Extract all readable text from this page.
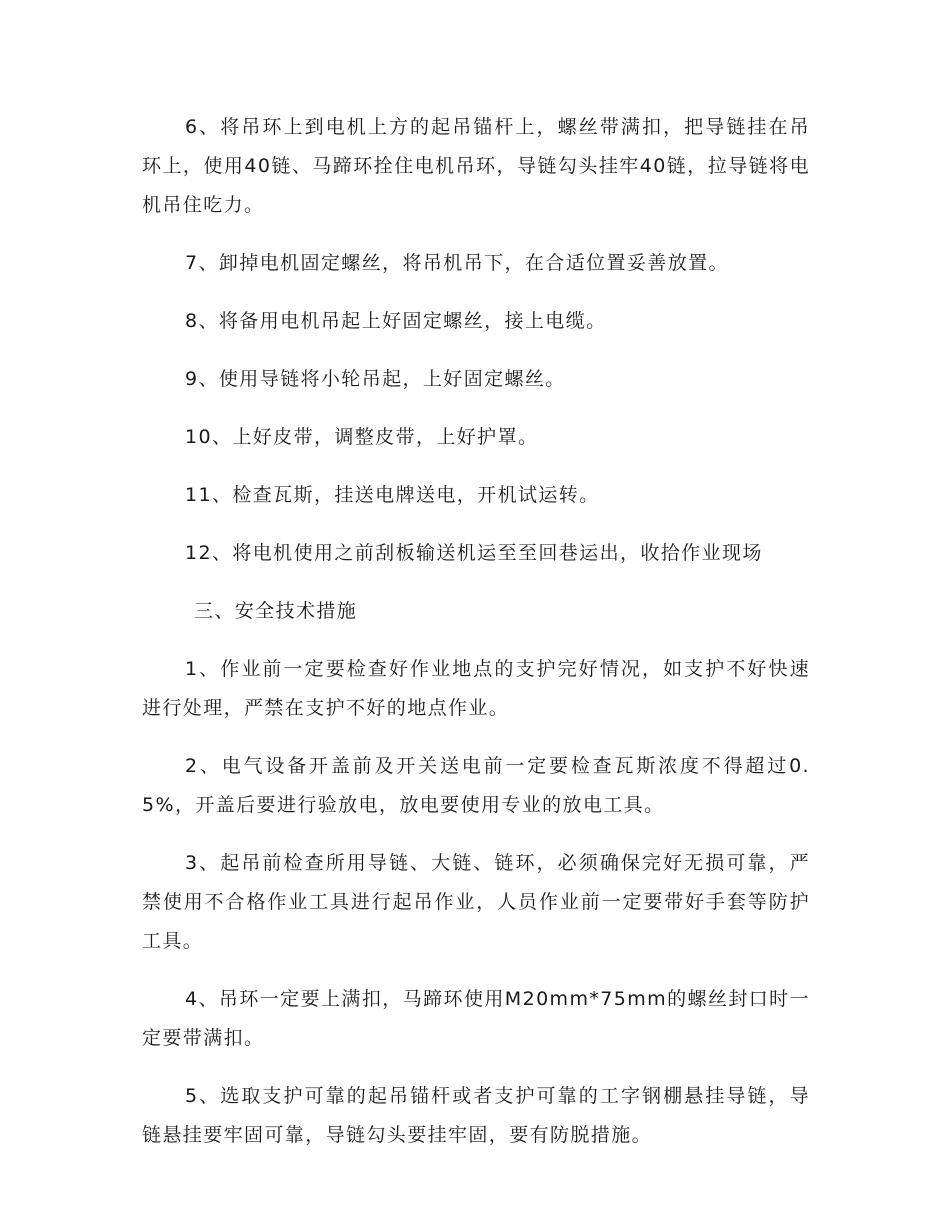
6、将吊环上到电机上方的起吊锚杆上，螺丝带满扣，把导链挂在吊环上，使用40链、马蹄环拴住电机吊环，导链勾头挂牢40链，拉导链将电机吊住吃力。

7、卸掉电机固定螺丝，将吊机吊下，在合适位置妥善放置。

8、将备用电机吊起上好固定螺丝，接上电缆。

9、使用导链将小轮吊起，上好固定螺丝。

10、上好皮带，调整皮带，上好护罩。

11、检查瓦斯，挂送电牌送电，开机试运转。

12、将电机使用之前刮板输送机运至至回巷运出，收拾作业现场

三、安全技术措施

1、作业前一定要检查好作业地点的支护完好情况，如支护不好快速进行处理，严禁在支护不好的地点作业。

2、电气设备开盖前及开关送电前一定要检查瓦斯浓度不得超过0.5%，开盖后要进行验放电，放电要使用专业的放电工具。

3、起吊前检查所用导链、大链、链环，必须确保完好无损可靠，严禁使用不合格作业工具进行起吊作业，人员作业前一定要带好手套等防护工具。

4、吊环一定要上满扣，马蹄环使用M20mm*75mm的螺丝封口时一定要带满扣。

5、选取支护可靠的起吊锚杆或者支护可靠的工字钢棚悬挂导链，导链悬挂要牢固可靠，导链勾头要挂牢固，要有防脱措施。
